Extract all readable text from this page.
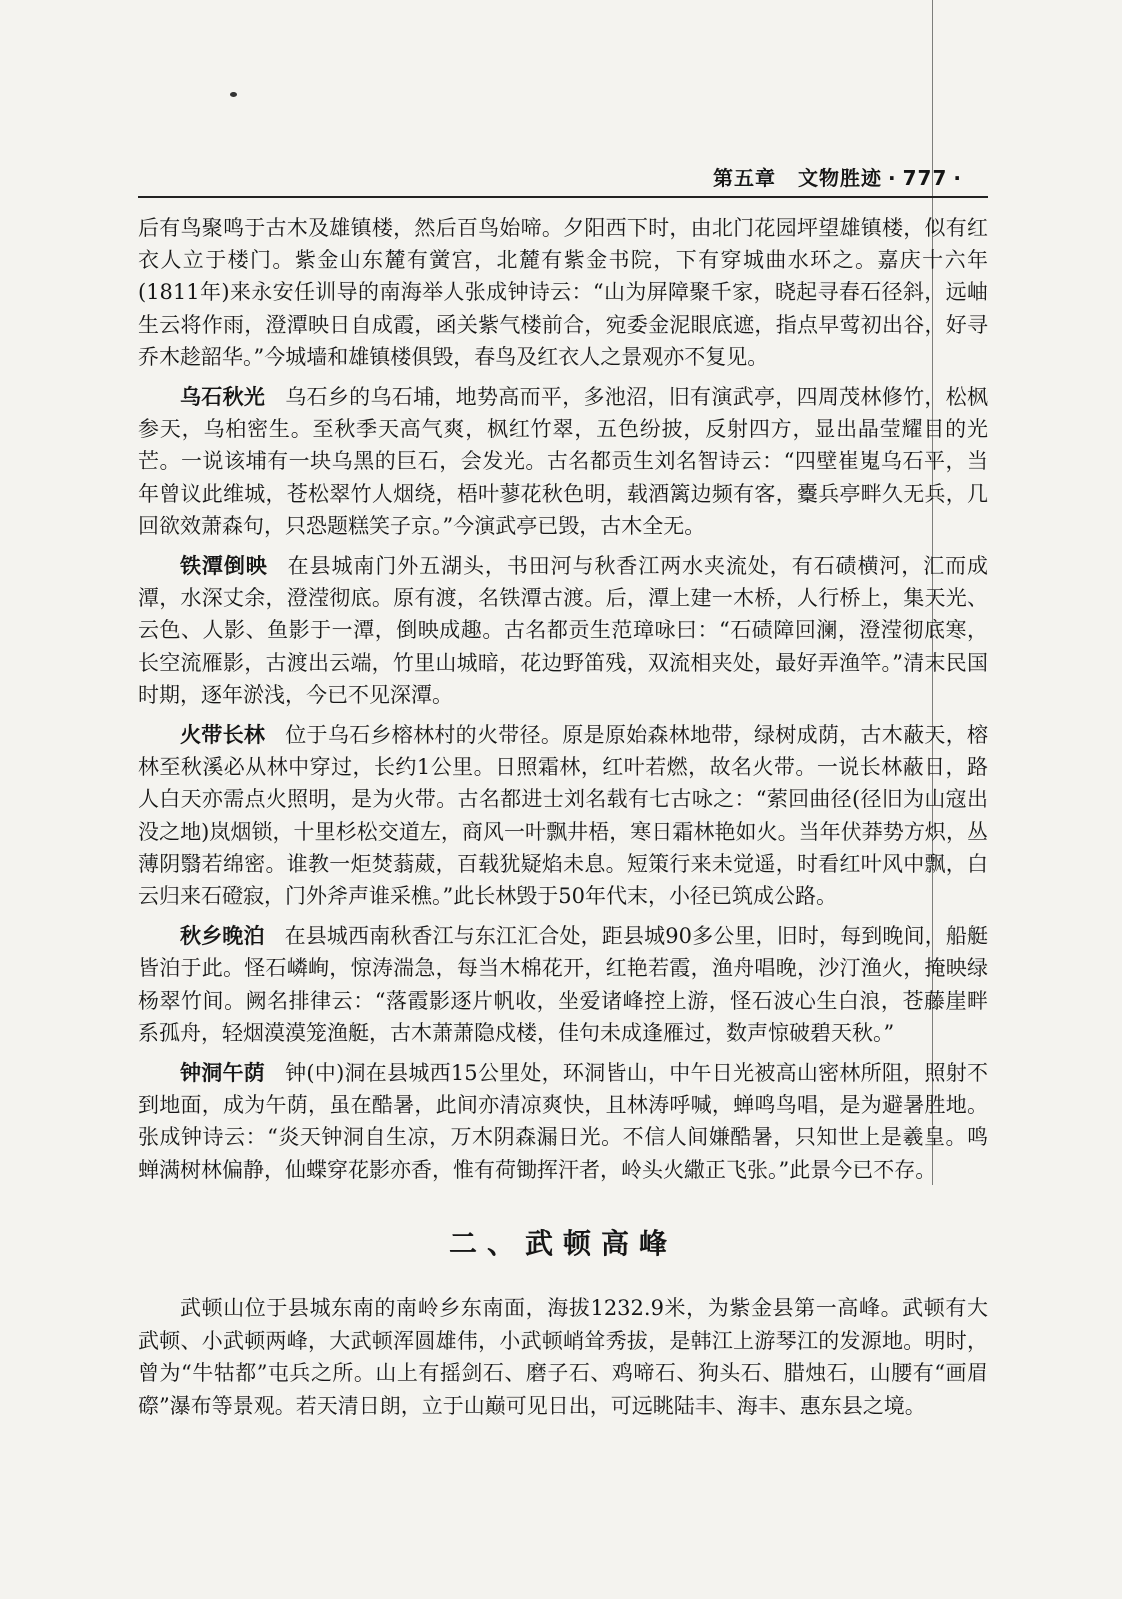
第五章 文物胜迹 · 777 ·

后有鸟聚鸣于古木及雄镇楼，然后百鸟始啼。夕阳西下时，由北门花园坪望雄镇楼，似有红衣人立于楼门。紫金山东麓有黉宫，北麓有紫金书院，下有穿城曲水环之。嘉庆十六年(1811年)来永安任训导的南海举人张成钟诗云：“山为屏障聚千家，晓起寻春石径斜，远岫生云将作雨，澄潭映日自成霞，函关紫气楼前合，宛委金泥眼底遮，指点早莺初出谷，好寻乔木趁韶华。”今城墙和雄镇楼俱毁，春鸟及红衣人之景观亦不复见。

乌石秋光 乌石乡的乌石埔，地势高而平，多池沼，旧有演武亭，四周茂林修竹，松枫参天，乌桕密生。至秋季天高气爽，枫红竹翠，五色纷披，反射四方，显出晶莹耀目的光芒。一说该埔有一块乌黑的巨石，会发光。古名都贡生刘名智诗云：“四壁崔嵬乌石平，当年曾议此维城，苍松翠竹人烟绕，梧叶蓼花秋色明，载酒篱边频有客，櫜兵亭畔久无兵，几回欲效萧森句，只恐题糕笑子京。”今演武亭已毁，古木全无。

铁潭倒映 在县城南门外五湖头，书田河与秋香江两水夹流处，有石碛横河，汇而成潭，水深丈余，澄滢彻底。原有渡，名铁潭古渡。后，潭上建一木桥，人行桥上，集天光、云色、人影、鱼影于一潭，倒映成趣。古名都贡生范璋咏曰：“石碛障回澜，澄滢彻底寒，长空流雁影，古渡出云端，竹里山城暗，花边野笛残，双流相夹处，最好弄渔竿。”清末民国时期，逐年淤浅，今已不见深潭。

火带长林 位于乌石乡榕林村的火带径。原是原始森林地带，绿树成荫，古木蔽天，榕林至秋溪必从林中穿过，长约1公里。日照霜林，红叶若燃，故名火带。一说长林蔽日，路人白天亦需点火照明，是为火带。古名都进士刘名载有七古咏之：“萦回曲径(径旧为山寇出没之地)岚烟锁，十里杉松交道左，商风一叶飘井梧，寒日霜林艳如火。当年伏莽势方炽，丛薄阴翳若绵密。谁教一炬焚蓊葳，百载犹疑焰未息。短策行来未觉遥，时看红叶风中飘，白云归来石磴寂，门外斧声谁采樵。”此长林毁于50年代末，小径已筑成公路。

秋乡晚泊 在县城西南秋香江与东江汇合处，距县城90多公里，旧时，每到晚间，船艇皆泊于此。怪石嶙峋，惊涛湍急，每当木棉花开，红艳若霞，渔舟唱晚，沙汀渔火，掩映绿杨翠竹间。阙名排律云：“落霞影逐片帆收，坐爱诸峰控上游，怪石波心生白浪，苍藤崖畔系孤舟，轻烟漠漠笼渔艇，古木萧萧隐戍楼，佳句未成逢雁过，数声惊破碧天秋。”

钟洞午荫 钟(中)洞在县城西15公里处，环洞皆山，中午日光被高山密林所阻，照射不到地面，成为午荫，虽在酷暑，此间亦清凉爽快，且林涛呼喊，蝉鸣鸟唱，是为避暑胜地。张成钟诗云：“炎天钟洞自生凉，万木阴森漏日光。不信人间嫌酷暑，只知世上是羲皇。鸣蝉满树林偏静，仙蝶穿花影亦香，惟有荷锄挥汗者，岭头火繖正飞张。”此景今已不存。

二、武顿高峰

武顿山位于县城东南的南岭乡东南面，海拔1232.9米，为紫金县第一高峰。武顿有大武顿、小武顿两峰，大武顿浑圆雄伟，小武顿峭耸秀拔，是韩江上游琴江的发源地。明时，曾为“牛牯都”屯兵之所。山上有摇剑石、磨子石、鸡啼石、狗头石、腊烛石，山腰有“画眉磜”瀑布等景观。若天清日朗，立于山巅可见日出，可远眺陆丰、海丰、惠东县之境。
